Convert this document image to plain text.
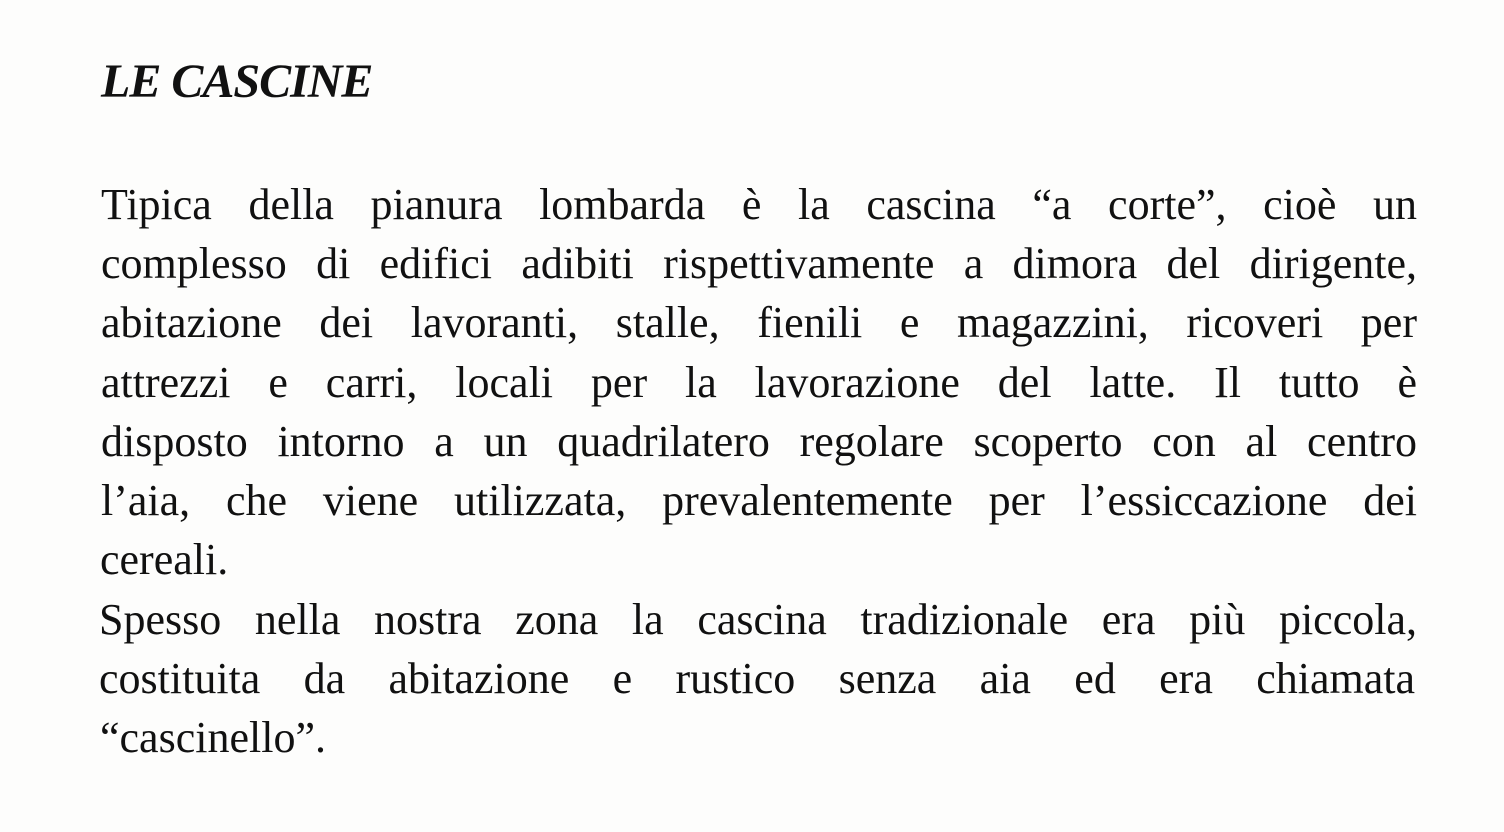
LE CASCINE

Tipica della pianura lombarda è la cascina “a corte”, cioè un

complesso di edifici adibiti rispettivamente a dimora del dirigente,

abitazione dei lavoranti, stalle, fienili e magazzini, ricoveri per

attrezzi e carri, locali per la lavorazione del latte. Il tutto è

disposto intorno a un quadrilatero regolare scoperto con al centro

l’aia, che viene utilizzata, prevalentemente per l’essiccazione dei

cereali.

Spesso nella nostra zona la cascina tradizionale era più piccola,

costituita da abitazione e rustico senza aia ed era chiamata

“cascinello”.
